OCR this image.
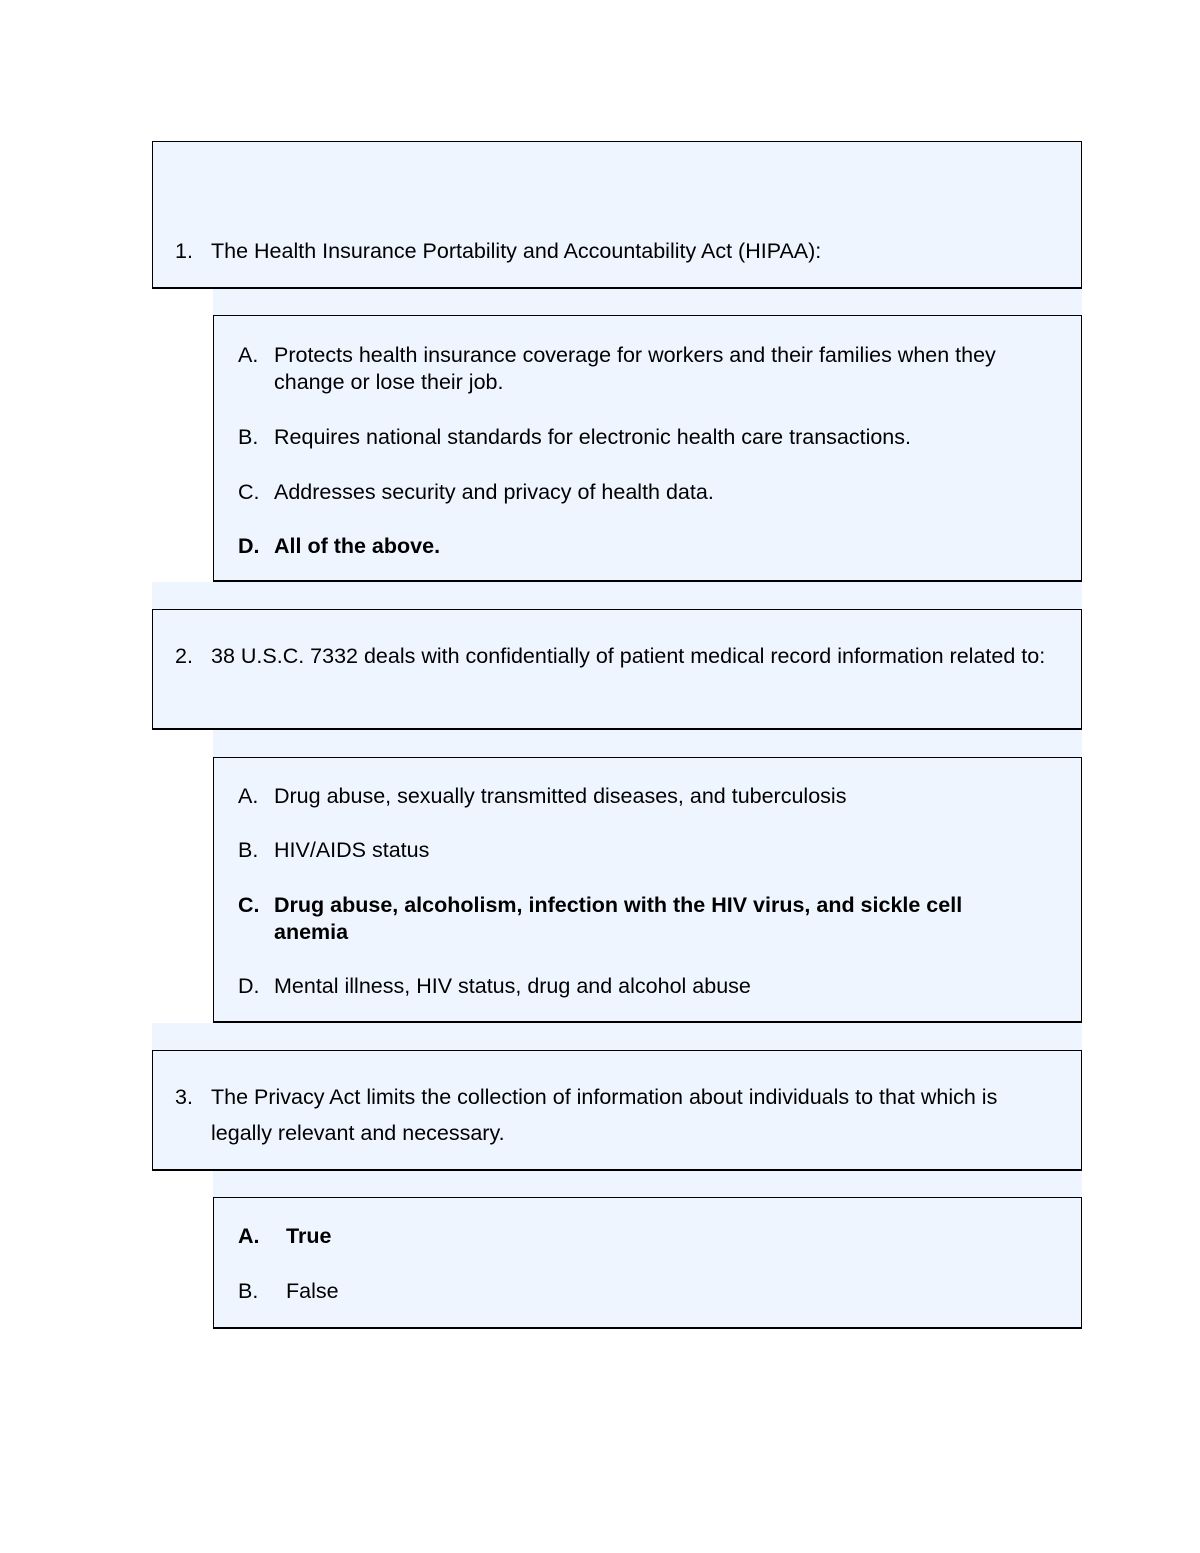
1. The Health Insurance Portability and Accountability Act (HIPAA):
A. Protects health insurance coverage for workers and their families when they change or lose their job.
B. Requires national standards for electronic health care transactions.
C. Addresses security and privacy of health data.
D. All of the above.
2. 38 U.S.C. 7332 deals with confidentially of patient medical record information related to:
A. Drug abuse, sexually transmitted diseases, and tuberculosis
B. HIV/AIDS status
C. Drug abuse, alcoholism, infection with the HIV virus, and sickle cell anemia
D. Mental illness, HIV status, drug and alcohol abuse
3. The Privacy Act limits the collection of information about individuals to that which is legally relevant and necessary.
A.	True
B.	False
